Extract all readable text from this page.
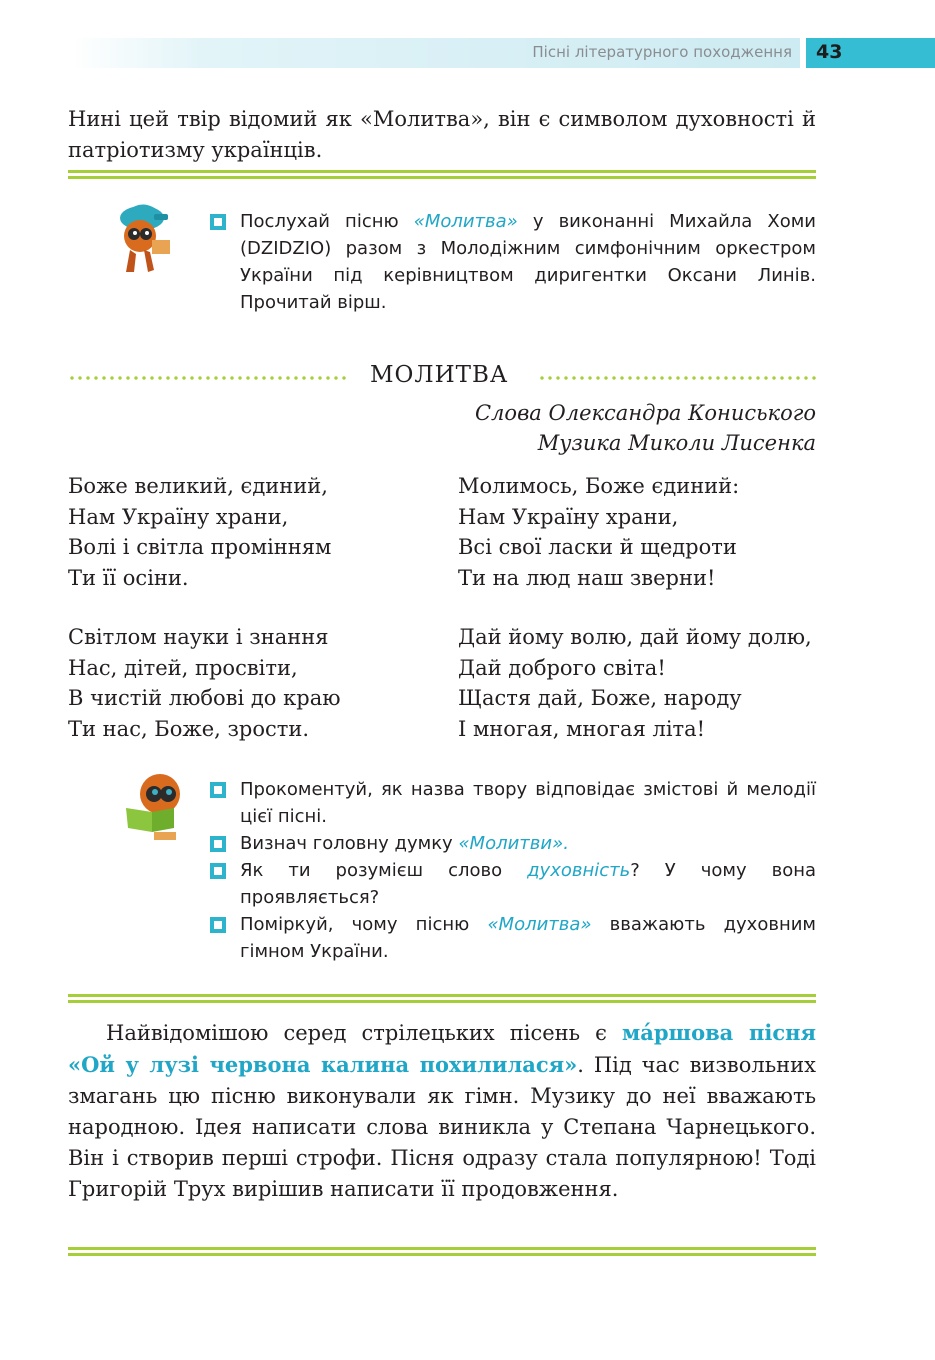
Пісні літературного походження 43

Нині цей твір відомий як «Молитва», він є символом духовності й патріотизму українців.

Послухай пісню «Молитва» у виконанні Михайла Хоми (DZIDZIO) разом з Молодіжним симфонічним оркестром України під керівництвом диригентки Оксани Линів. Прочитай вірш.

МОЛИТВА
Слова Олександра Кониського
Музика Миколи Лисенка
Боже великий, єдиний,
Нам Україну храни,
Волі і світла промінням
Ти її осіни.
Молимось, Боже єдиний:
Нам Україну храни,
Всі свої ласки й щедроти
Ти на люд наш зверни!
Світлом науки і знання
Нас, дітей, просвіти,
В чистій любові до краю
Ти нас, Боже, зрости.
Дай йому волю, дай йому долю,
Дай доброго світа!
Щастя дай, Боже, народу
І многая, многая літа!

Прокоментуй, як назва твору відповідає змістові й мелодії цієї пісні.

Визнач головну думку «Молитви».

Як ти розумієш слово духовність? У чому вона проявляється?

Поміркуй, чому пісню «Молитва» вважають духовним гімном України.

Найвідомішою серед стрілецьких пісень є ма́ршова пісня «Ой у лузі червона калина похилилася». Під час визвольних змагань цю пісню виконували як гімн. Музику до неї вважають народною. Ідея написати слова виникла у Степана Чарнецького. Він і створив перші строфи. Пісня одразу стала популярною! Тоді Григорій Трух вирішив написати її продовження.
